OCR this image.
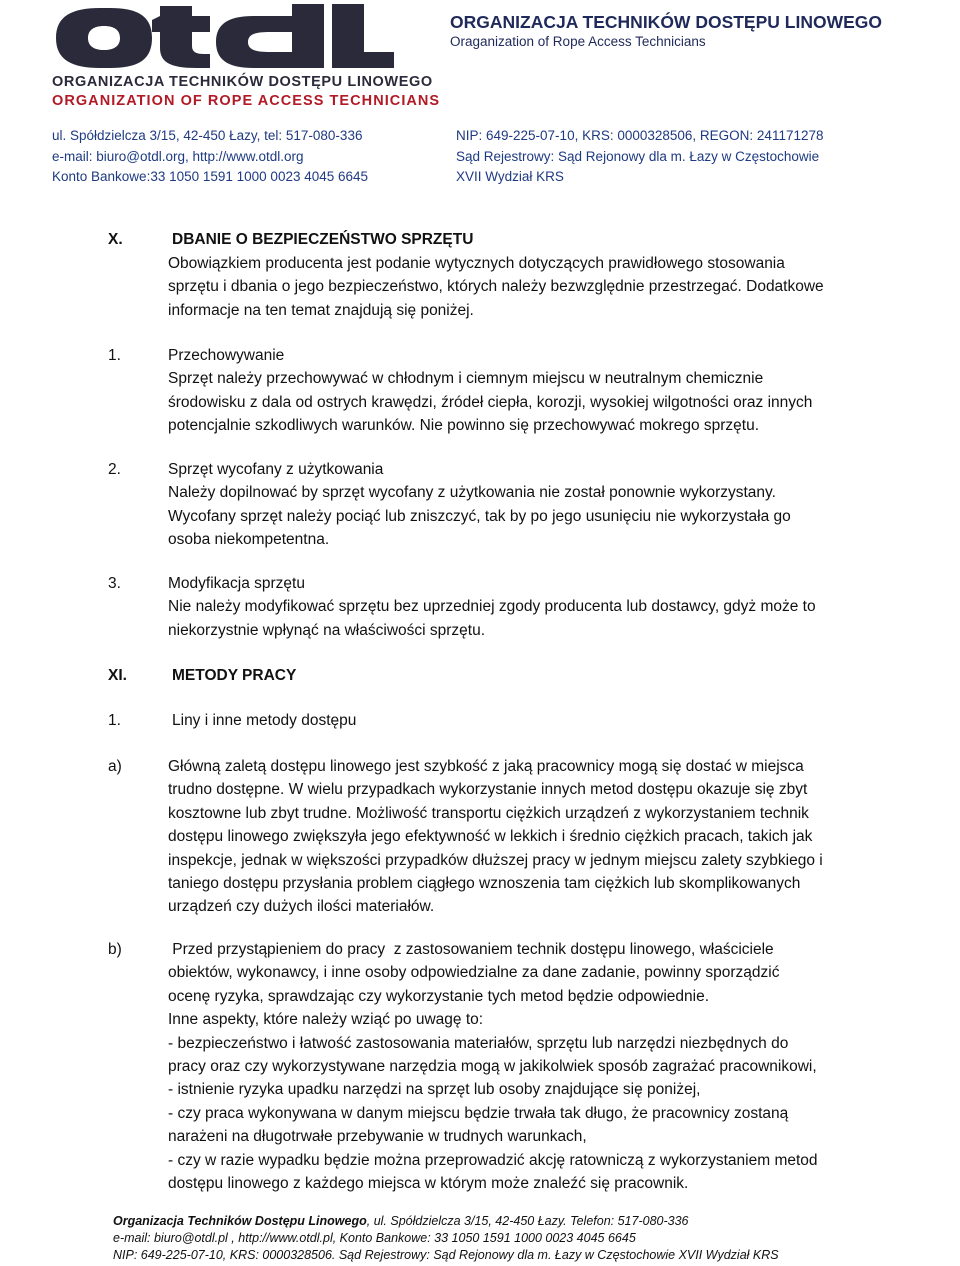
otdl
ORGANIZACJA TECHNIKÓW DOSTĘPU LINOWEGO
ORGANIZATION OF ROPE ACCESS TECHNICIANS
ORGANIZACJA TECHNIKÓW DOSTĘPU LINOWEGO
Oraganization of Rope Access Technicians
ul. Spółdzielcza 3/15, 42-450 Łazy, tel: 517-080-336
e-mail: biuro@otdl.org, http://www.otdl.org
Konto Bankowe:33 1050 1591 1000 0023 4045 6645
NIP: 649-225-07-10, KRS: 0000328506, REGON: 241171278
Sąd Rejestrowy: Sąd Rejonowy dla m. Łazy w Częstochowie
XVII Wydział KRS
X.	DBANIE O BEZPIECZEŃSTWO SPRZĘTU
Obowiązkiem producenta jest podanie wytycznych dotyczących prawidłowego stosowania
sprzętu i dbania o jego bezpieczeństwo, których należy bezwzględnie przestrzegać. Dodatkowe
informacje na ten temat znajdują się poniżej.
1.	Przechowywanie
Sprzęt należy przechowywać w chłodnym i ciemnym miejscu w neutralnym chemicznie
środowisku z dala od ostrych krawędzi, źródeł ciepła, korozji, wysokiej wilgotności oraz innych
potencjalnie szkodliwych warunków. Nie powinno się przechowywać mokrego sprzętu.
2.	Sprzęt wycofany z użytkowania
Należy dopilnować by sprzęt wycofany z użytkowania nie został ponownie wykorzystany.
Wycofany sprzęt należy pociąć lub zniszczyć, tak by po jego usunięciu nie wykorzystała go
osoba niekompetentna.
3.	Modyfikacja sprzętu
Nie należy modyfikować sprzętu bez uprzedniej zgody producenta lub dostawcy, gdyż może to
niekorzystnie wpłynąć na właściwości sprzętu.
XI.	METODY PRACY
1.	Liny i inne metody dostępu
a)	Główną zaletą dostępu linowego jest szybkość z jaką pracownicy mogą się dostać w miejsca
trudno dostępne. W wielu przypadkach wykorzystanie innych metod dostępu okazuje się zbyt
kosztowne lub zbyt trudne. Możliwość transportu ciężkich urządzeń z wykorzystaniem technik
dostępu linowego zwiększyła jego efektywność w lekkich i średnio ciężkich pracach, takich jak
inspekcje, jednak w większości przypadków dłuższej pracy w jednym miejscu zalety szybkiego i
taniego dostępu przysłania problem ciągłego wznoszenia tam ciężkich lub skomplikowanych
urządzeń czy dużych ilości materiałów.
b)	Przed przystąpieniem do pracy  z zastosowaniem technik dostępu linowego, właściciele
obiektów, wykonawcy, i inne osoby odpowiedzialne za dane zadanie, powinny sporządzić
ocenę ryzyka, sprawdzając czy wykorzystanie tych metod będzie odpowiednie.
Inne aspekty, które należy wziąć po uwagę to:
- bezpieczeństwo i łatwość zastosowania materiałów, sprzętu lub narzędzi niezbędnych do
pracy oraz czy wykorzystywane narzędzia mogą w jakikolwiek sposób zagrażać pracownikowi,
- istnienie ryzyka upadku narzędzi na sprzęt lub osoby znajdujące się poniżej,
- czy praca wykonywana w danym miejscu będzie trwała tak długo, że pracownicy zostaną
narażeni na długotrwałe przebywanie w trudnych warunkach,
- czy w razie wypadku będzie można przeprowadzić akcję ratowniczą z wykorzystaniem metod
dostępu linowego z każdego miejsca w którym może znaleźć się pracownik.
Organizacja Techników Dostępu Linowego, ul. Spółdzielcza 3/15, 42-450 Łazy. Telefon: 517-080-336
e-mail: biuro@otdl.pl , http://www.otdl.pl, Konto Bankowe: 33 1050 1591 1000 0023 4045 6645
NIP: 649-225-07-10, KRS: 0000328506. Sąd Rejestrowy: Sąd Rejonowy dla m. Łazy w Częstochowie XVII Wydział KRS
